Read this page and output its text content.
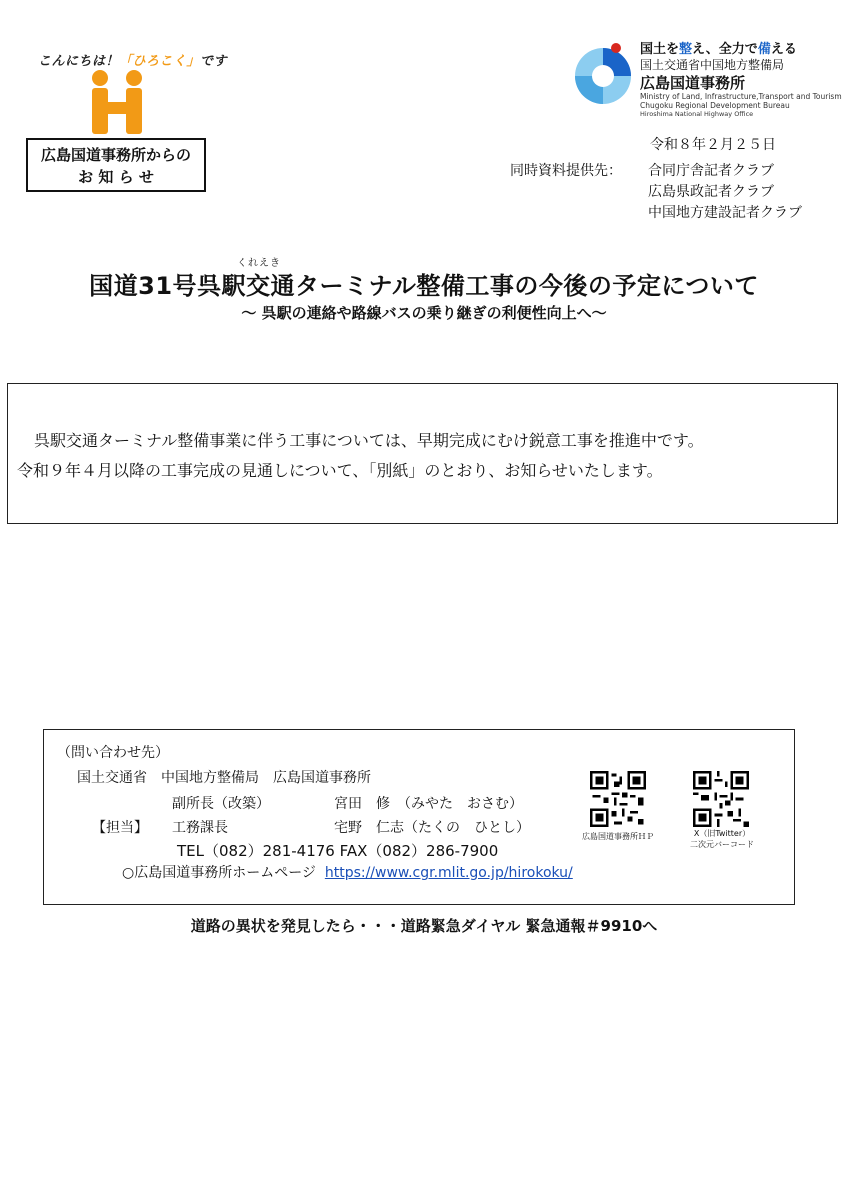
こんにちは！「ひろこく」です
広島国道事務所からの
お 知 ら せ
国土を整え、全力で備える
国土交通省中国地方整備局
広島国道事務所
Ministry of Land, Infrastructure,Transport and Tourism
Chugoku Regional Development Bureau
Hiroshima National Highway Office
令和８年２月２５日
同時資料提供先： 合同庁舎記者クラブ
広島県政記者クラブ
中国地方建設記者クラブ
くれえき
国道31号呉駅交通ターミナル整備工事の今後の予定について
～ 呉駅の連絡や路線バスの乗り継ぎの利便性向上へ～
呉駅交通ターミナル整備事業に伴う工事については、早期完成にむけ鋭意工事を推進中です。
令和９年４月以降の工事完成の見通しについて、「別紙」のとおり、お知らせいたします。
（問い合わせ先）
国土交通省　中国地方整備局　広島国道事務所
副所長（改築）	宮田　修　（みやた　おさむ）
【担当】 工務課長	宅野　仁志（たくの　ひとし）
TEL（082）281-4176 FAX（082）286-7900
○広島国道事務所ホームページ https://www.cgr.mlit.go.jp/hirokoku/
広島国道事務所ＨＰ	X（旧Twitter）
二次元バーコード
道路の異状を発見したら・・・道路緊急ダイヤル 緊急通報＃9910へ
